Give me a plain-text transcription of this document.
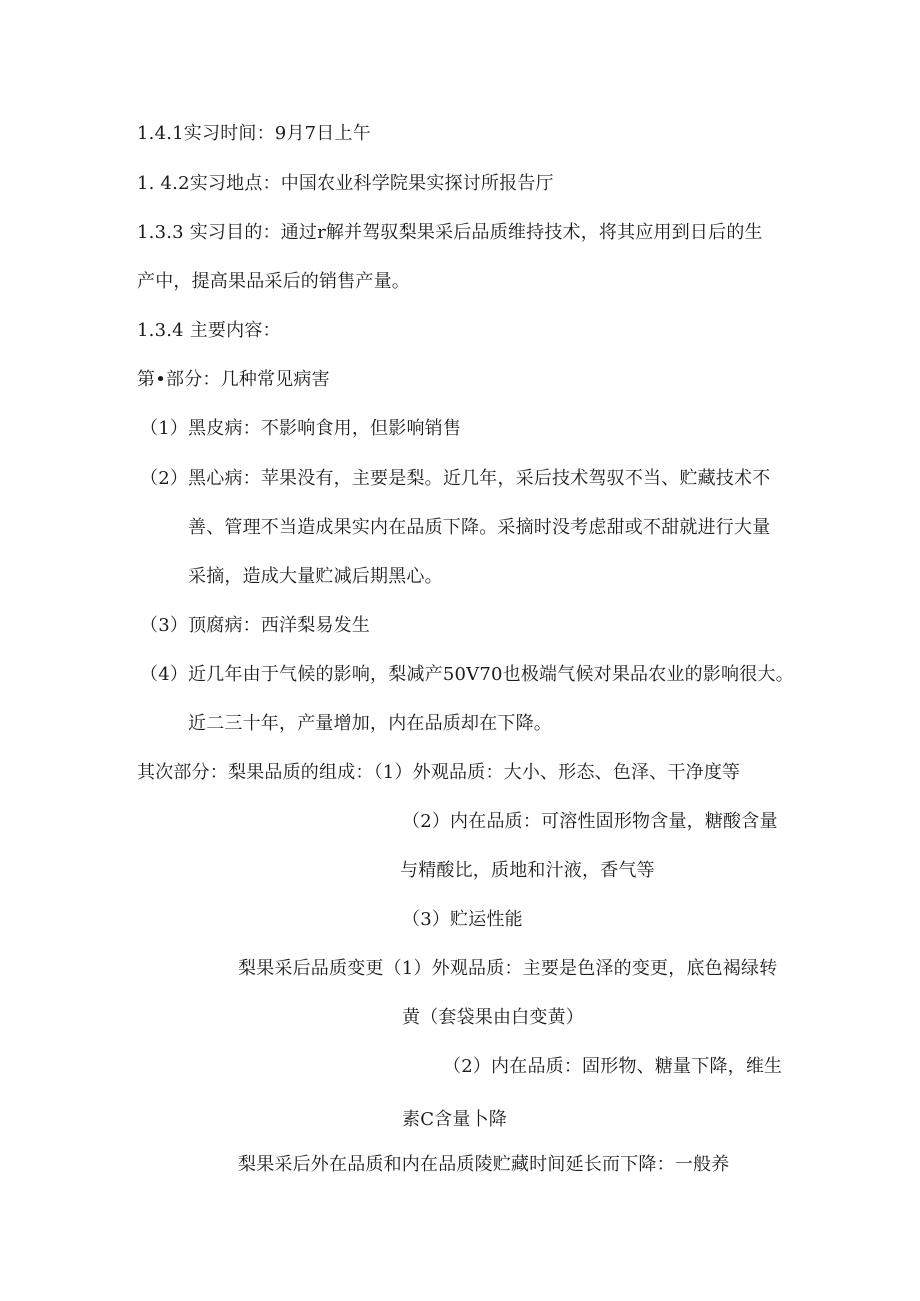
1.4.1实习时间：9月7日上午
1. 4.2实习地点：中国农业科学院果实探讨所报告厅
1.3.3 实习目的：通过r解并驾驭梨果采后品质维持技术，将其应用到日后的生
产中，提高果品采后的销售产量。
1.3.4 主要内容：
第•部分：几种常见病害
（1）黑皮病：不影响食用，但影响销售
（2）黑心病：苹果没有，主要是梨。近几年，采后技术驾驭不当、贮藏技术不
善、管理不当造成果实内在品质下降。采摘时没考虑甜或不甜就进行大量
采摘，造成大量贮减后期黑心。
（3）顶腐病：西洋梨易发生
（4）近几年由于气候的影响，梨减产50V70也极端气候对果品农业的影响很大。
近二三十年，产量增加，内在品质却在下降。
其次部分：梨果品质的组成：（1）外观品质：大小、形态、色泽、干净度等
（2）内在品质：可溶性固形物含量，糖酸含量
与精酸比，质地和汁液，香气等
（3）贮运性能
梨果采后品质变更（1）外观品质：主要是色泽的变更，底色褐绿转
黄（套袋果由白变黄）
（2）内在品质：固形物、糖量下降，维生
素C含量卜降
梨果采后外在品质和内在品质陵贮藏时间延长而下降：一般养
